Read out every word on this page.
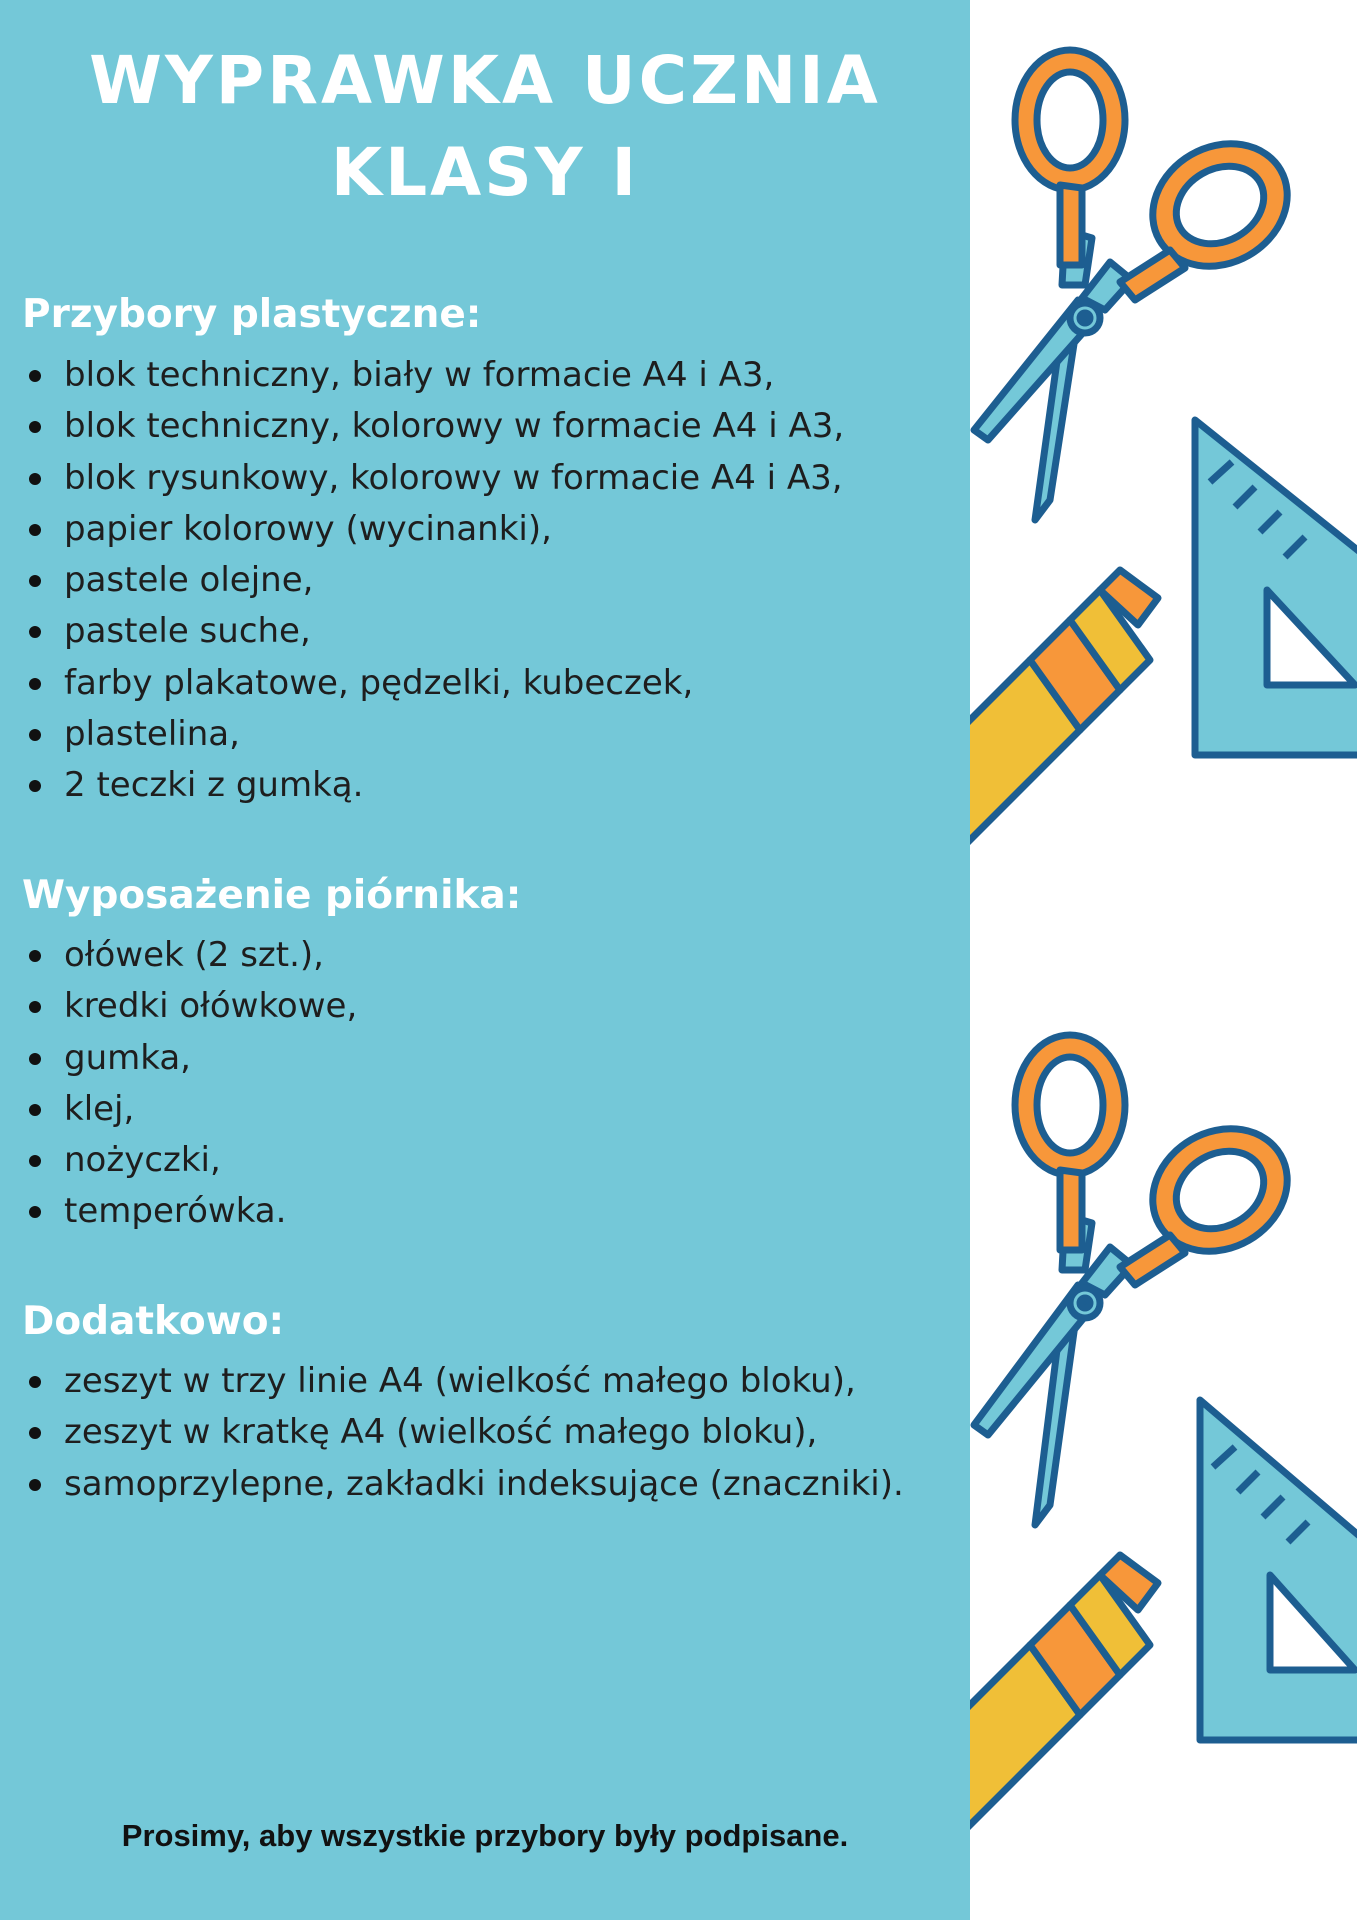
WYPRAWKA UCZNIA
KLASY I
Przybory plastyczne:
blok techniczny, biały w formacie A4 i A3,
blok techniczny, kolorowy w formacie A4 i A3,
blok rysunkowy, kolorowy w formacie A4 i A3,
papier kolorowy (wycinanki),
pastele olejne,
pastele suche,
farby plakatowe, pędzelki, kubeczek,
plastelina,
2 teczki z gumką.
Wyposażenie piórnika:
ołówek (2 szt.),
kredki ołówkowe,
gumka,
klej,
nożyczki,
temperówka.
Dodatkowo:
zeszyt w trzy linie A4 (wielkość małego bloku),
zeszyt w kratkę A4 (wielkość małego bloku),
samoprzylepne, zakładki indeksujące (znaczniki).
Prosimy, aby wszystkie przybory były podpisane.
